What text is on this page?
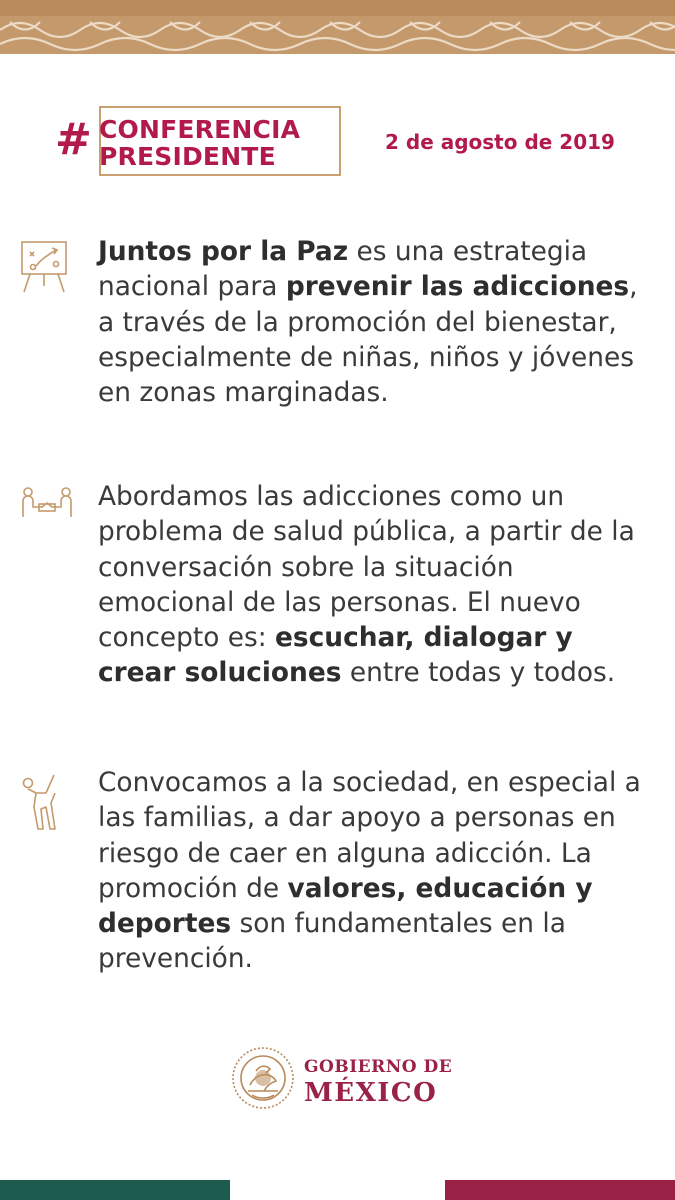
# CONFERENCIA
PRESIDENTE	2 de agosto de 2019

Juntos por la Paz es una estrategia nacional para prevenir las adicciones, a través de la promoción del bienestar, especialmente de niñas, niños y jóvenes en zonas marginadas.

Abordamos las adicciones como un problema de salud pública, a partir de la conversación sobre la situación emocional de las personas. El nuevo concepto es: escuchar, dialogar y crear soluciones entre todas y todos.

Convocamos a la sociedad, en especial a las familias, a dar apoyo a personas en riesgo de caer en alguna adicción. La promoción de valores, educación y deportes son fundamentales en la prevención.

GOBIERNO DE
MÉXICO
